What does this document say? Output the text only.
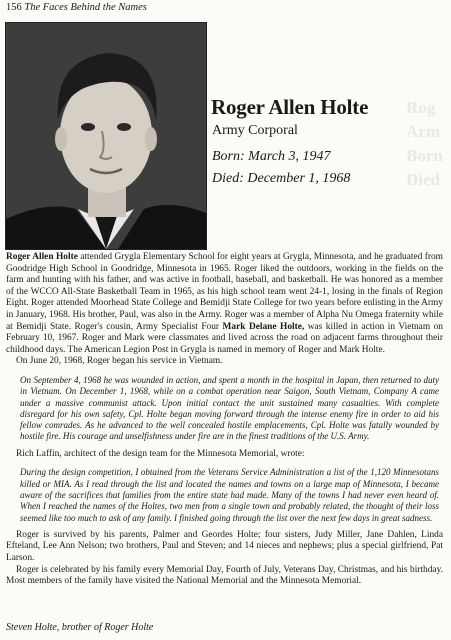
156 The Faces Behind the Names
Rog
Arm
Born
Died
Roger Allen Holte
Army Corporal
Born: March 3, 1947
Died: December 1, 1968

Roger Allen Holte attended Grygla Elementary School for eight years at Grygla, Minnesota, and he graduated from Goodridge High School in Goodridge, Minnesota in 1965. Roger liked the outdoors, working in the fields on the farm and hunting with his father, and was active in football, baseball, and basketball. He was honored as a member of the WCCO All-State Basketball Team in 1965, as his high school team went 24-1, losing in the finals of Region Eight. Roger attended Moorhead State College and Bemidji State College for two years before enlisting in the Army in January, 1968. His brother, Paul, was also in the Army. Roger was a member of Alpha Nu Omega fraternity while at Bemidji State. Roger's cousin, Army Specialist Four Mark Delane Holte, was killed in action in Vietnam on February 10, 1967. Roger and Mark were classmates and lived across the road on adjacent farms throughout their childhood days. The American Legion Post in Grygla is named in memory of Roger and Mark Holte.

On June 20, 1968, Roger began his service in Vietnam.

On September 4, 1968 he was wounded in action, and spent a month in the hospital in Japan, then returned to duty in Vietnam. On December 1, 1968, while on a combat operation near Saigon, South Vietnam, Company A came under a massive communist attack. Upon initial contact the unit sustained many casualties. With complete disregard for his own safety, Cpl. Holte began moving forward through the intense enemy fire in order to aid his fellow comrades. As he advanced to the well concealed hostile emplacements, Cpl. Holte was fatally wounded by hostile fire. His courage and unselfishness under fire are in the finest traditions of the U.S. Army.

Rich Laffin, architect of the design team for the Minnesota Memorial, wrote:

During the design competition, I obtained from the Veterans Service Administration a list of the 1,120 Minnesotans killed or MIA. As I read through the list and located the names and towns on a large map of Minnesota, I became aware of the sacrifices that families from the entire state had made. Many of the towns I had never even heard of. When I reached the names of the Holtes, two men from a single town and probably related, the thought of their loss seemed like too much to ask of any family. I finished going through the list over the next few days in great sadness.

Roger is survived by his parents, Palmer and Geordes Holte; four sisters, Judy Miller, Jane Dahlen, Linda Efteland, Lee Ann Nelson; two brothers, Paul and Steven; and 14 nieces and nephews; plus a special girlfriend, Pat Larson.

Roger is celebrated by his family every Memorial Day, Fourth of July, Veterans Day, Christmas, and his birthday. Most members of the family have visited the National Memorial and the Minnesota Memorial.

Steven Holte, brother of Roger Holte
